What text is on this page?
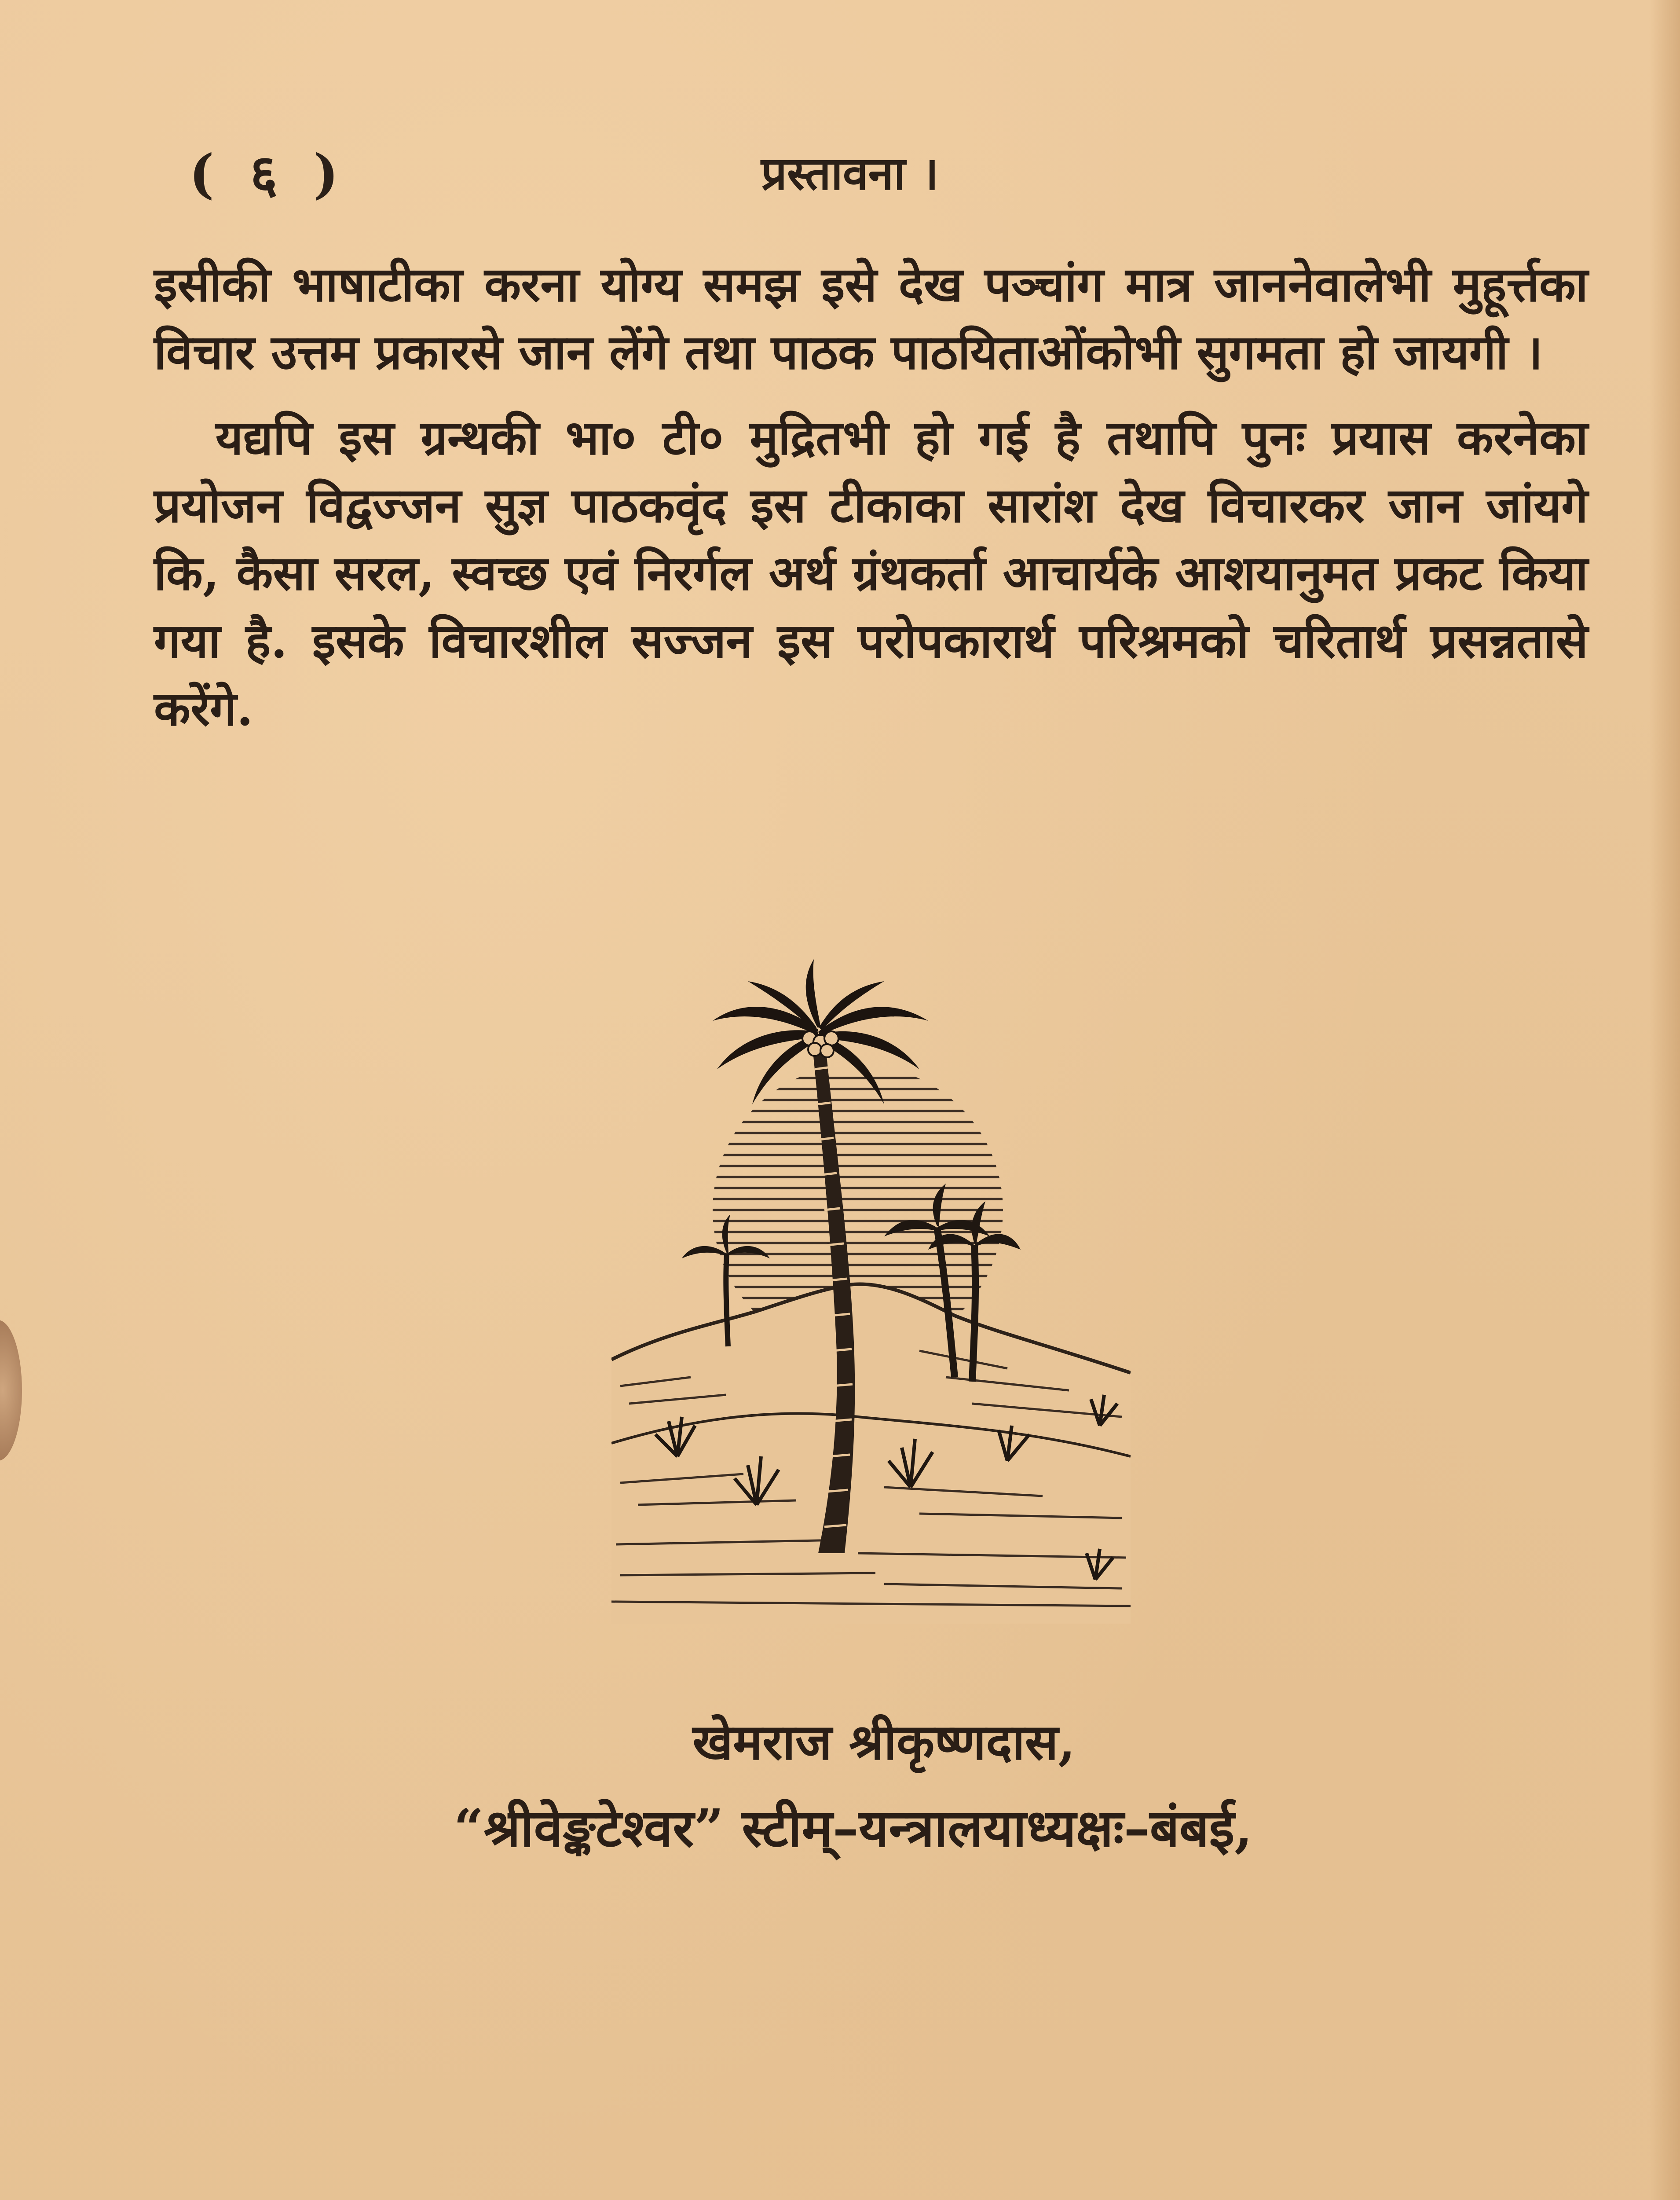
( ६ )	प्रस्तावना ।

इसीकी भाषाटीका करना योग्य समझ इसे देख पञ्चांग मात्र जाननेवालेभी मुहूर्त्तका विचार उत्तम प्रकारसे जान लेंगे तथा पाठक पाठयिताओंकोभी सुगमता हो जायगी ।

यद्यपि इस ग्रन्थकी भा० टी० मुद्रितभी हो गई है तथापि पुनः प्रयास करनेका प्रयोजन विद्वज्जन सुज्ञ पाठकवृंद इस टीकाका सारांश देख विचारकर जान जांयगे कि, कैसा सरल, स्वच्छ एवं निरर्गल अर्थ ग्रंथकर्ता आचार्यके आशयानुमत प्रकट किया गया है. इसके विचारशील सज्जन इस परोपकारार्थ परिश्रमको चरितार्थ प्रसन्नतासे करेंगे.

खेमराज श्रीकृष्णदास,
“श्रीवेङ्कटेश्वर” स्टीम्–यन्त्रालयाध्यक्षः–बंबई,
